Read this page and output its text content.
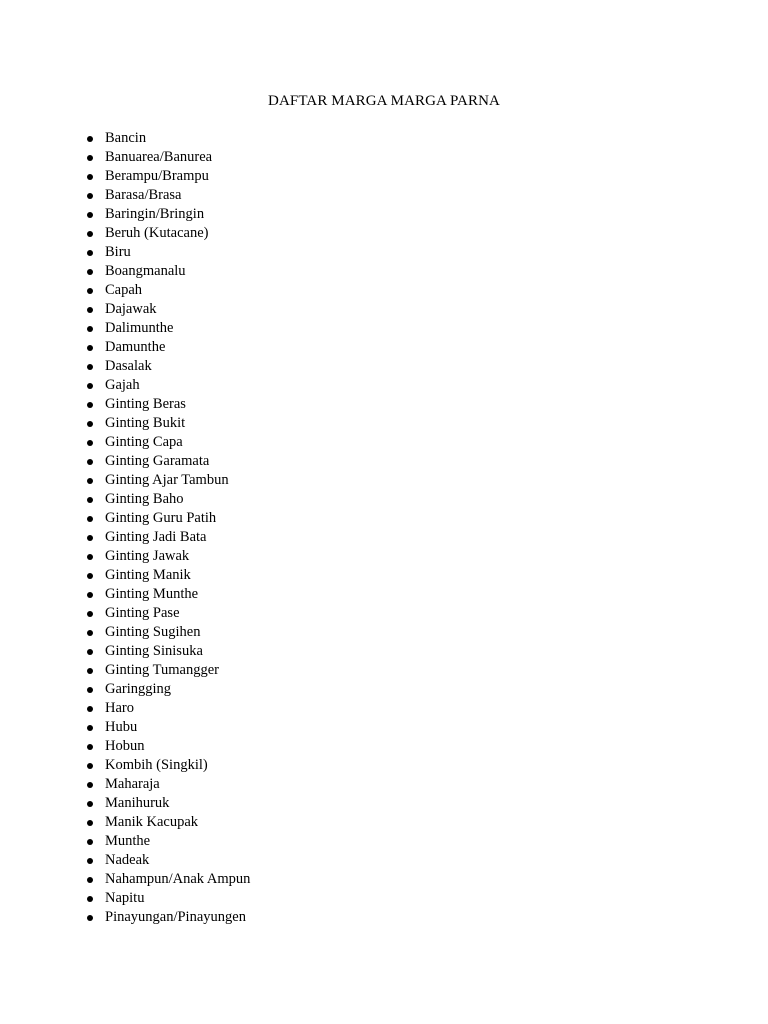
DAFTAR MARGA MARGA PARNA
Bancin
Banuarea/Banurea
Berampu/Brampu
Barasa/Brasa
Baringin/Bringin
Beruh (Kutacane)
Biru
Boangmanalu
Capah
Dajawak
Dalimunthe
Damunthe
Dasalak
Gajah
Ginting Beras
Ginting Bukit
Ginting Capa
Ginting Garamata
Ginting Ajar Tambun
Ginting Baho
Ginting Guru Patih
Ginting Jadi Bata
Ginting Jawak
Ginting Manik
Ginting Munthe
Ginting Pase
Ginting Sugihen
Ginting Sinisuka
Ginting Tumangger
Garingging
Haro
Hubu
Hobun
Kombih (Singkil)
Maharaja
Manihuruk
Manik Kacupak
Munthe
Nadeak
Nahampun/Anak Ampun
Napitu
Pinayungan/Pinayungen
